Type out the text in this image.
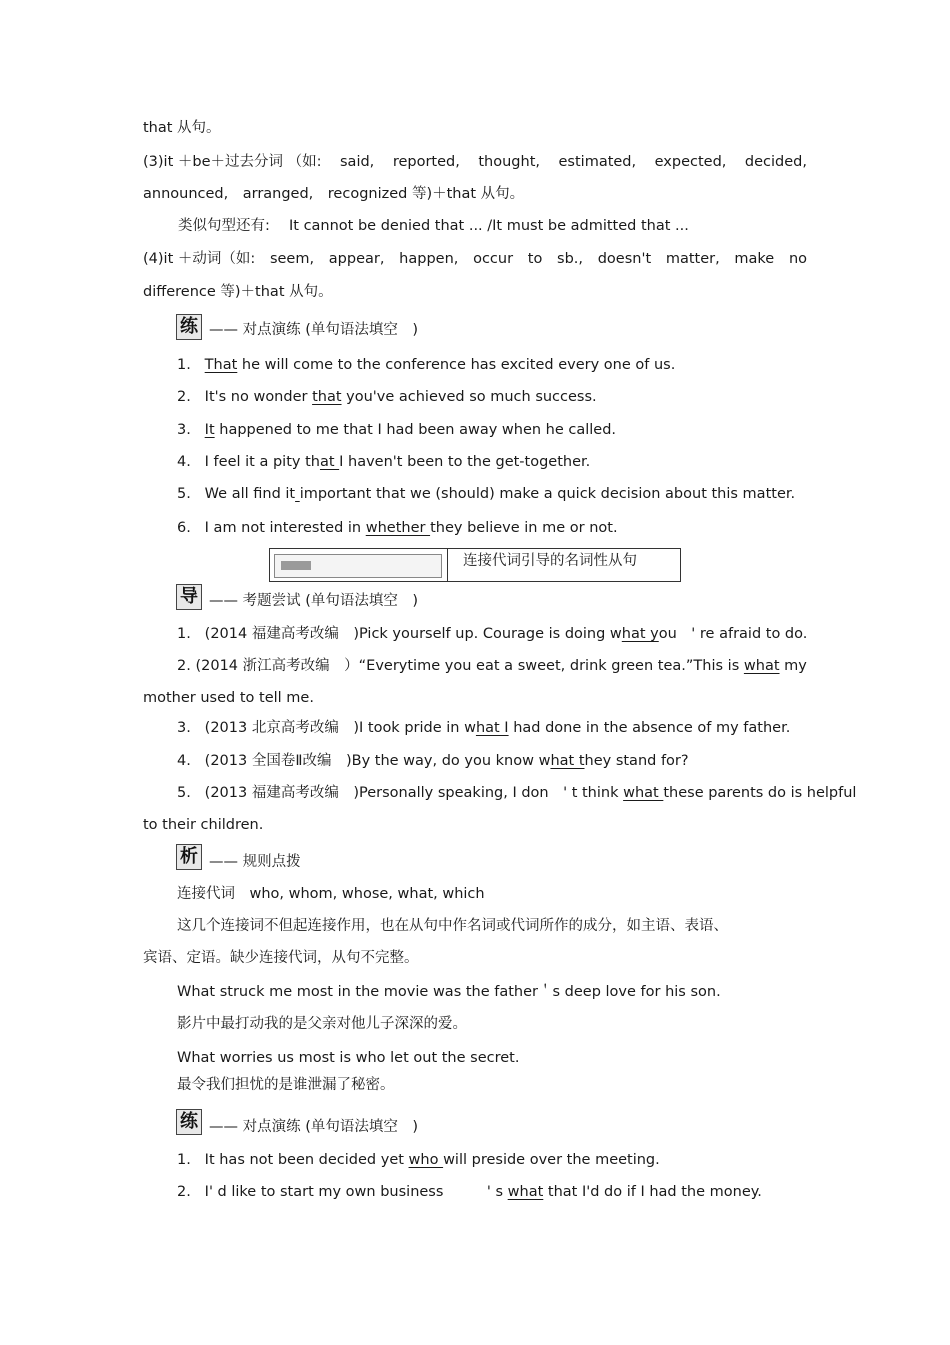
that 从句。
(3)it ＋be＋过去分词 （如: said, reported, thought, estimated, expected, decided,
announced,　arranged,　recognized 等)＋that 从句。
类似句型还有:　 It cannot be denied that ... /It must be admitted that ...
(4)it ＋动词（如: seem, appear, happen, occur to sb., doesn't matter, make no
difference 等)＋that 从句。
练 —— 对点演练 (单句语法填空　)
1. That he will come to the conference has excited every one of us.
2. It's no wonder that you've achieved so much success.
3. It happened to me that I had been away when he called.
4. I feel it a pity that I haven't been to the get-together.
5. We all find it important that we (should) make a quick decision about this matter.
6. I am not interested in whether they believe in me or not.
连接代词引导的名词性从句
导 —— 考题尝试 (单句语法填空　)
1. (2014 福建高考改编　)Pick yourself up. Courage is doing what you　' re afraid to do.
2. (2014 浙江高考改编　）“Everytime you eat a sweet, drink green tea.”This is what my
mother used to tell me.
3. (2013 北京高考改编　)I took pride in what I had done in the absence of my father.
4. (2013 全国卷Ⅱ改编　)By the way, do you know what they stand for?
5. (2013 福建高考改编　)Personally speaking, I don　' t think what these parents do is helpful
to their children.
析 —— 规则点拨
连接代词　who, whom, whose, what, which
这几个连接词不但起连接作用，也在从句中作名词或代词所作的成分，如主语、表语、
宾语、定语。缺少连接代词，从句不完整。
What struck me most in the movie was the father＇s deep love for his son.
影片中最打动我的是父亲对他儿子深深的爱。
What worries us most is who let out the secret.
最令我们担忧的是谁泄漏了秘密。
练 —— 对点演练 (单句语法填空　)
1. It has not been decided yet who will preside over the meeting.
2. I' d like to start my own business　　　' s what that I'd do if I had the money.
